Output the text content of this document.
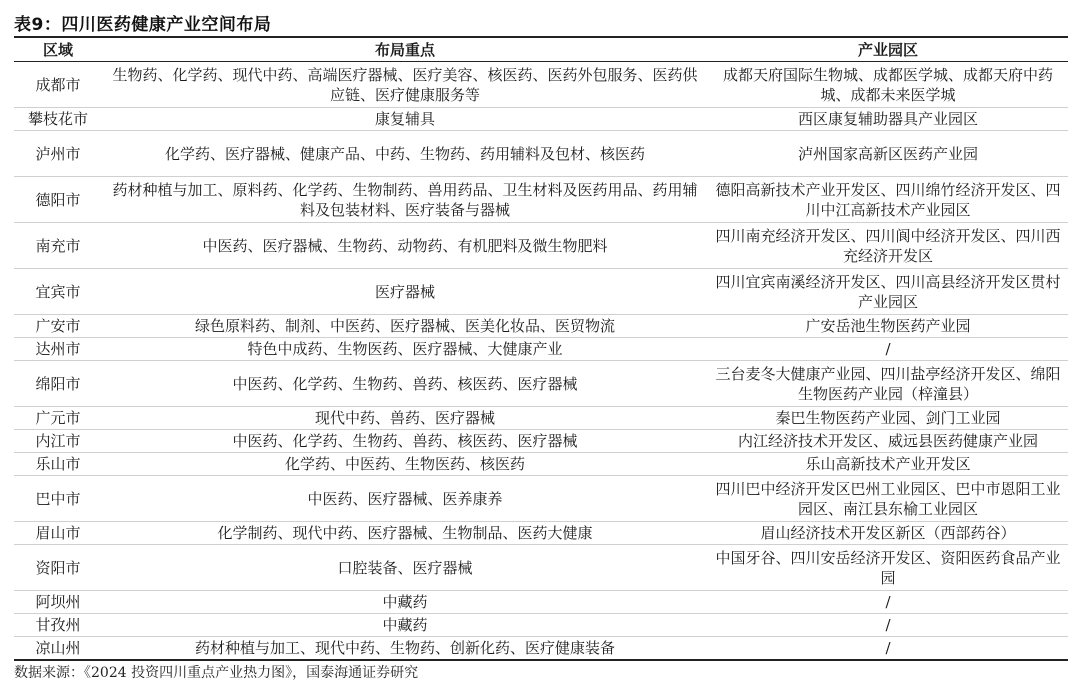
表9：四川医药健康产业空间布局
区域	布局重点	产业园区
成都市	生物药、化学药、现代中药、高端医疗器械、医疗美容、核医药、医药外包服务、医药供应链、医疗健康服务等	成都天府国际生物城、成都医学城、成都天府中药城、成都未来医学城
攀枝花市	康复辅具	西区康复辅助器具产业园区
泸州市	化学药、医疗器械、健康产品、中药、生物药、药用辅料及包材、核医药	泸州国家高新区医药产业园
德阳市	药材种植与加工、原料药、化学药、生物制药、兽用药品、卫生材料及医药用品、药用辅料及包装材料、医疗装备与器械	德阳高新技术产业开发区、四川绵竹经济开发区、四川中江高新技术产业园区
南充市	中医药、医疗器械、生物药、动物药、有机肥料及微生物肥料	四川南充经济开发区、四川阆中经济开发区、四川西充经济开发区
宜宾市	医疗器械	四川宜宾南溪经济开发区、四川高县经济开发区贯村产业园区
广安市	绿色原料药、制剂、中医药、医疗器械、医美化妆品、医贸物流	广安岳池生物医药产业园
达州市	特色中成药、生物医药、医疗器械、大健康产业	/
绵阳市	中医药、化学药、生物药、兽药、核医药、医疗器械	三台麦冬大健康产业园、四川盐亭经济开发区、绵阳生物医药产业园（梓潼县）
广元市	现代中药、兽药、医疗器械	秦巴生物医药产业园、剑门工业园
内江市	中医药、化学药、生物药、兽药、核医药、医疗器械	内江经济技术开发区、威远县医药健康产业园
乐山市	化学药、中医药、生物医药、核医药	乐山高新技术产业开发区
巴中市	中医药、医疗器械、医养康养	四川巴中经济开发区巴州工业园区、巴中市恩阳工业园区、南江县东榆工业园区
眉山市	化学制药、现代中药、医疗器械、生物制品、医药大健康	眉山经济技术开发区新区（西部药谷）
资阳市	口腔装备、医疗器械	中国牙谷、四川安岳经济开发区、资阳医药食品产业园
阿坝州	中藏药	/
甘孜州	中藏药	/
凉山州	药材种植与加工、现代中药、生物药、创新化药、医疗健康装备	/
数据来源：《2024 投资四川重点产业热力图》，国泰海通证券研究
